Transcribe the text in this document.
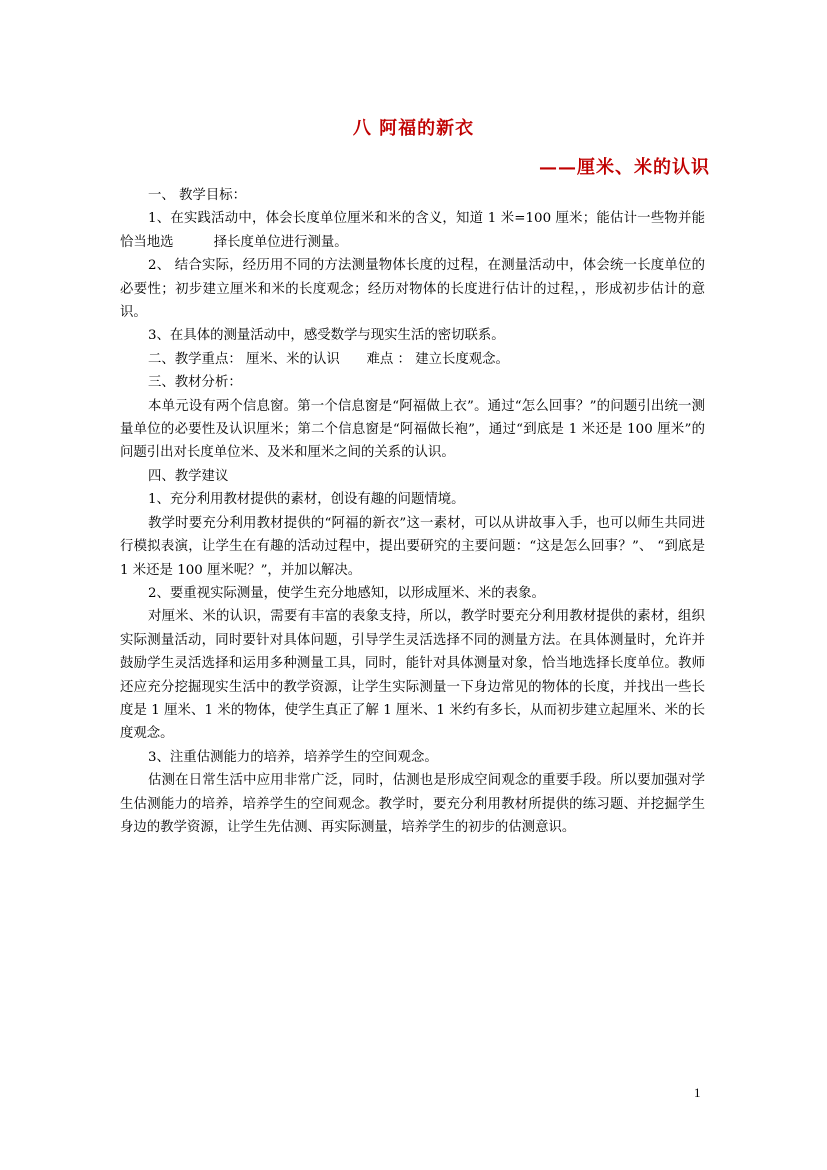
八 阿福的新衣
——厘米、米的认识

一、 教学目标：

1、在实践活动中，体会长度单位厘米和米的含义，知道 1 米=100 厘米；能估计一些物并能恰当地选　　　择长度单位进行测量。

2、 结合实际，经历用不同的方法测量物体长度的过程，在测量活动中，体会统一长度单位的必要性；初步建立厘米和米的长度观念；经历对物体的长度进行估计的过程，，形成初步估计的意识。

3、在具体的测量活动中，感受数学与现实生活的密切联系。

二、教学重点： 厘米、米的认识　　难点 ： 建立长度观念。

三、教材分析：

本单元设有两个信息窗。第一个信息窗是“阿福做上衣”。通过“怎么回事？”的问题引出统一测量单位的必要性及认识厘米；第二个信息窗是“阿福做长袍”，通过“到底是 1 米还是 100 厘米”的问题引出对长度单位米、及米和厘米之间的关系的认识。

四、教学建议

1、充分利用教材提供的素材，创设有趣的问题情境。

教学时要充分利用教材提供的“阿福的新衣”这一素材，可以从讲故事入手，也可以师生共同进行模拟表演，让学生在有趣的活动过程中，提出要研究的主要问题：“这是怎么回事？”、 “到底是 1 米还是 100 厘米呢？”，并加以解决。

2、要重视实际测量，使学生充分地感知，以形成厘米、米的表象。

对厘米、米的认识，需要有丰富的表象支持，所以，教学时要充分利用教材提供的素材，组织实际测量活动，同时要针对具体问题，引导学生灵活选择不同的测量方法。在具体测量时，允许并鼓励学生灵活选择和运用多种测量工具，同时，能针对具体测量对象，恰当地选择长度单位。教师还应充分挖掘现实生活中的教学资源，让学生实际测量一下身边常见的物体的长度，并找出一些长度是 1 厘米、1 米的物体，使学生真正了解 1 厘米、1 米约有多长，从而初步建立起厘米、米的长度观念。

3、注重估测能力的培养，培养学生的空间观念。

估测在日常生活中应用非常广泛，同时，估测也是形成空间观念的重要手段。所以要加强对学生估测能力的培养，培养学生的空间观念。教学时，要充分利用教材所提供的练习题、并挖掘学生身边的教学资源，让学生先估测、再实际测量，培养学生的初步的估测意识。

1
